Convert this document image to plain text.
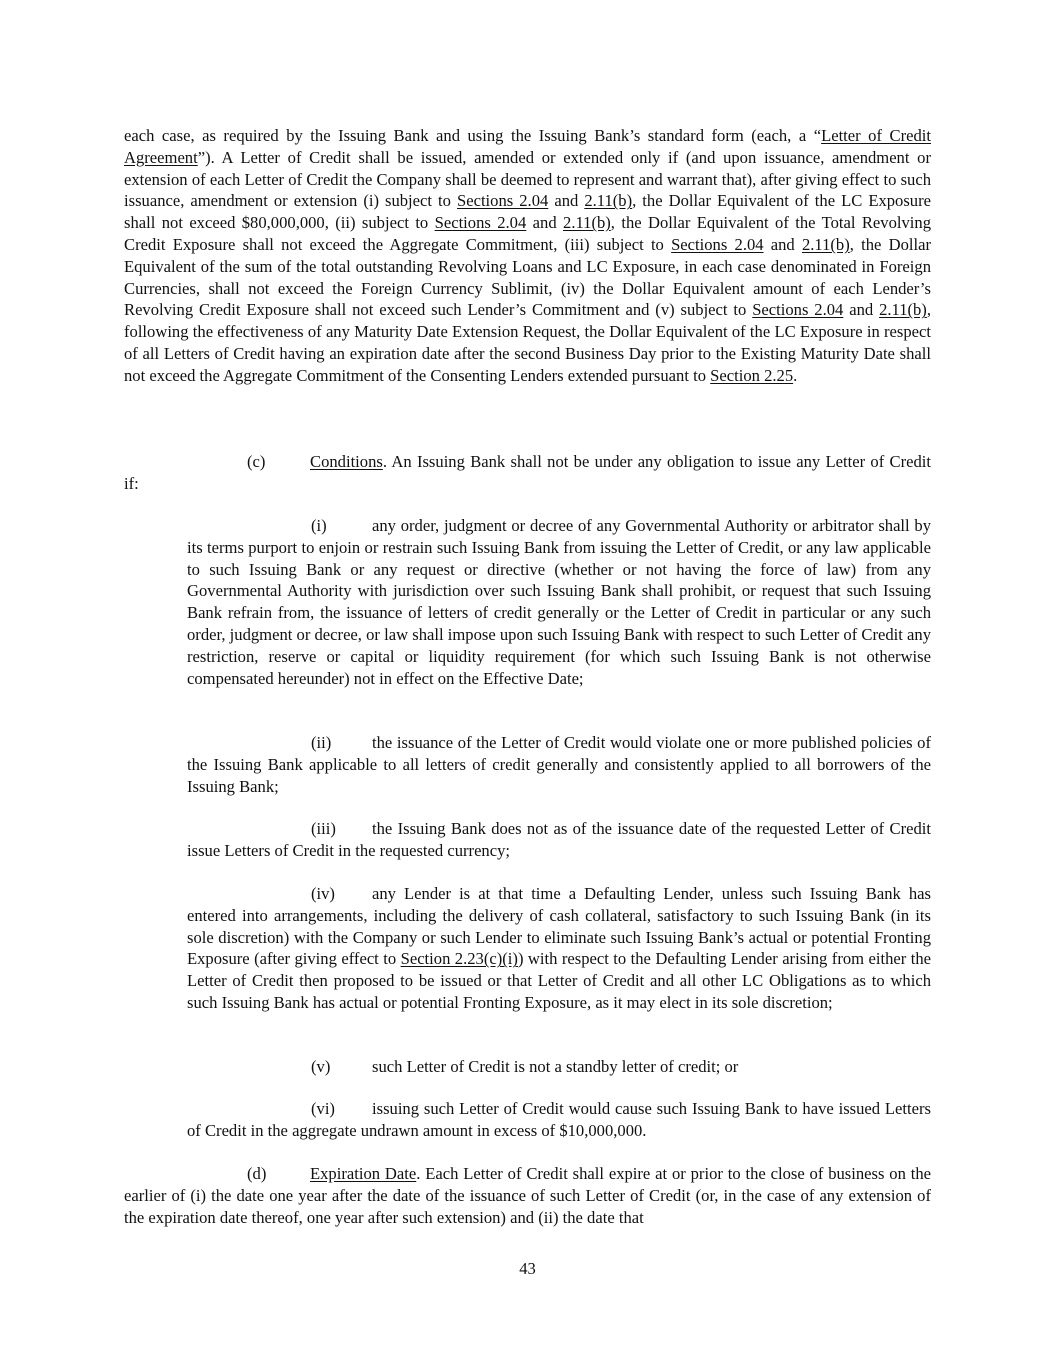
each case, as required by the Issuing Bank and using the Issuing Bank’s standard form (each, a “Letter of Credit Agreement”). A Letter of Credit shall be issued, amended or extended only if (and upon issuance, amendment or extension of each Letter of Credit the Company shall be deemed to represent and warrant that), after giving effect to such issuance, amendment or extension (i) subject to Sections 2.04 and 2.11(b), the Dollar Equivalent of the LC Exposure shall not exceed $80,000,000, (ii) subject to Sections 2.04 and 2.11(b), the Dollar Equivalent of the Total Revolving Credit Exposure shall not exceed the Aggregate Commitment, (iii) subject to Sections 2.04 and 2.11(b), the Dollar Equivalent of the sum of the total outstanding Revolving Loans and LC Exposure, in each case denominated in Foreign Currencies, shall not exceed the Foreign Currency Sublimit, (iv) the Dollar Equivalent amount of each Lender’s Revolving Credit Exposure shall not exceed such Lender’s Commitment and (v) subject to Sections 2.04 and 2.11(b), following the effectiveness of any Maturity Date Extension Request, the Dollar Equivalent of the LC Exposure in respect of all Letters of Credit having an expiration date after the second Business Day prior to the Existing Maturity Date shall not exceed the Aggregate Commitment of the Consenting Lenders extended pursuant to Section 2.25.

(c)	Conditions. An Issuing Bank shall not be under any obligation to issue any Letter of Credit if:

(i)	any order, judgment or decree of any Governmental Authority or arbitrator shall by its terms purport to enjoin or restrain such Issuing Bank from issuing the Letter of Credit, or any law applicable to such Issuing Bank or any request or directive (whether or not having the force of law) from any Governmental Authority with jurisdiction over such Issuing Bank shall prohibit, or request that such Issuing Bank refrain from, the issuance of letters of credit generally or the Letter of Credit in particular or any such order, judgment or decree, or law shall impose upon such Issuing Bank with respect to such Letter of Credit any restriction, reserve or capital or liquidity requirement (for which such Issuing Bank is not otherwise compensated hereunder) not in effect on the Effective Date;

(ii) the issuance of the Letter of Credit would violate one or more published policies of the Issuing Bank applicable to all letters of credit generally and consistently applied to all borrowers of the Issuing Bank;

(iii) the Issuing Bank does not as of the issuance date of the requested Letter of Credit issue Letters of Credit in the requested currency;

(iv) any Lender is at that time a Defaulting Lender, unless such Issuing Bank has entered into arrangements, including the delivery of cash collateral, satisfactory to such Issuing Bank (in its sole discretion) with the Company or such Lender to eliminate such Issuing Bank’s actual or potential Fronting Exposure (after giving effect to Section 2.23(c)(i)) with respect to the Defaulting Lender arising from either the Letter of Credit then proposed to be issued or that Letter of Credit and all other LC Obligations as to which such Issuing Bank has actual or potential Fronting Exposure, as it may elect in its sole discretion;

(v)	such Letter of Credit is not a standby letter of credit; or

(vi) issuing such Letter of Credit would cause such Issuing Bank to have issued Letters of Credit in the aggregate undrawn amount in excess of $10,000,000.

(d)	Expiration Date. Each Letter of Credit shall expire at or prior to the close of business on the earlier of (i) the date one year after the date of the issuance of such Letter of Credit (or, in the case of any extension of the expiration date thereof, one year after such extension) and (ii) the date that

43
